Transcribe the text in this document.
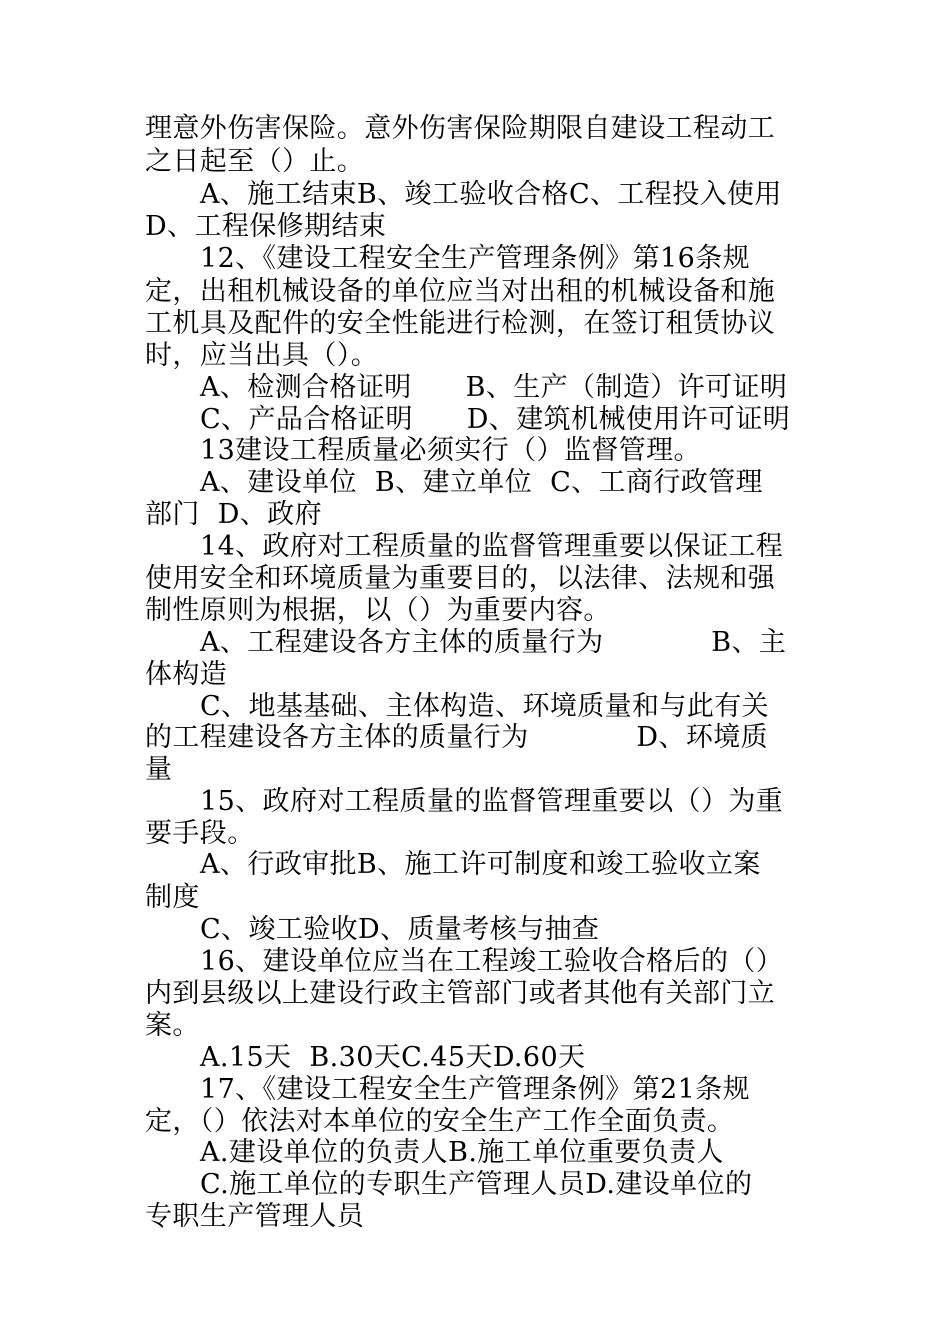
理意外伤害保险。意外伤害保险期限自建设工程动工
之日起至（）止。
A、施工结束B、竣工验收合格C、工程投入使用
D、工程保修期结束
12、《建设工程安全生产管理条例》第16条规
定，出租机械设备的单位应当对出租的机械设备和施
工机具及配件的安全性能进行检测，在签订租赁协议
时，应当出具（）。
A、检测合格证明      B、生产（制造）许可证明
C、产品合格证明      D、建筑机械使用许可证明
13建设工程质量必须实行（）监督管理。
A、建设单位  B、建立单位  C、工商行政管理
部门  D、政府
14、政府对工程质量的监督管理重要以保证工程
使用安全和环境质量为重要目的，以法律、法规和强
制性原则为根据，以（）为重要内容。
A、工程建设各方主体的质量行为            B、主
体构造
C、地基基础、主体构造、环境质量和与此有关
的工程建设各方主体的质量行为            D、环境质
量
15、政府对工程质量的监督管理重要以（）为重
要手段。
A、行政审批B、施工许可制度和竣工验收立案
制度
C、竣工验收D、质量考核与抽查
16、建设单位应当在工程竣工验收合格后的（）
内到县级以上建设行政主管部门或者其他有关部门立
案。
A.15天  B.30天C.45天D.60天
17、《建设工程安全生产管理条例》第21条规
定，（）依法对本单位的安全生产工作全面负责。
A.建设单位的负责人B.施工单位重要负责人
C.施工单位的专职生产管理人员D.建设单位的
专职生产管理人员
